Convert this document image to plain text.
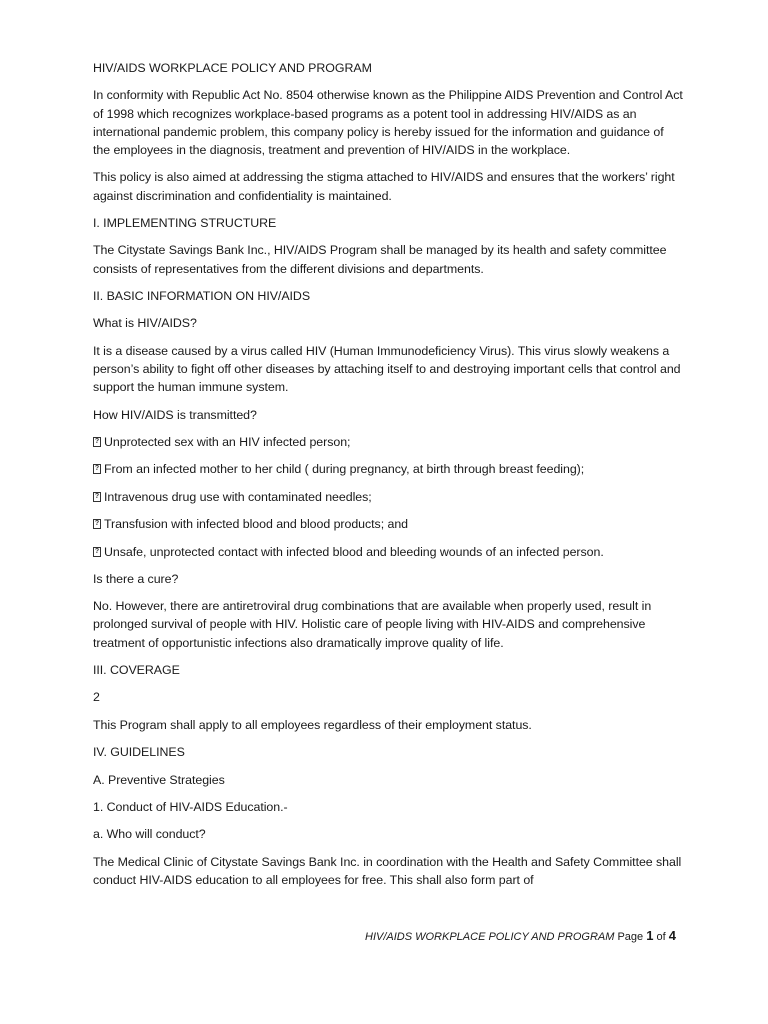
HIV/AIDS WORKPLACE POLICY AND PROGRAM

In conformity with Republic Act No. 8504 otherwise known as the Philippine AIDS Prevention and Control Act of 1998 which recognizes workplace-based programs as a potent tool in addressing HIV/AIDS as an international pandemic problem, this company policy is hereby issued for the information and guidance of the employees in the diagnosis, treatment and prevention of HIV/AIDS in the workplace.

This policy is also aimed at addressing the stigma attached to HIV/AIDS and ensures that the workers’ right against discrimination and confidentiality is maintained.

I. IMPLEMENTING STRUCTURE

The Citystate Savings Bank Inc., HIV/AIDS Program shall be managed by its health and safety committee consists of representatives from the different divisions and departments.

II. BASIC INFORMATION ON HIV/AIDS

What is HIV/AIDS?

It is a disease caused by a virus called HIV (Human Immunodeficiency Virus). This virus slowly weakens a person’s ability to fight off other diseases by attaching itself to and destroying important cells that control and support the human immune system.

How HIV/AIDS is transmitted?

?Unprotected sex with an HIV infected person;

?From an infected mother to her child ( during pregnancy, at birth through breast feeding);

?Intravenous drug use with contaminated needles;

?Transfusion with infected blood and blood products; and

?Unsafe, unprotected contact with infected blood and bleeding wounds of an infected person.

Is there a cure?

No. However, there are antiretroviral drug combinations that are available when properly used, result in prolonged survival of people with HIV. Holistic care of people living with HIV-AIDS and comprehensive treatment of opportunistic infections also dramatically improve quality of life.

III. COVERAGE

2

This Program shall apply to all employees regardless of their employment status.

IV. GUIDELINES

A. Preventive Strategies

1. Conduct of HIV-AIDS Education.-

a. Who will conduct?

The Medical Clinic of Citystate Savings Bank Inc. in coordination with the Health and Safety Committee shall conduct HIV-AIDS education to all employees for free. This shall also form part of

HIV/AIDS WORKPLACE POLICY AND PROGRAM Page 1 of 4
